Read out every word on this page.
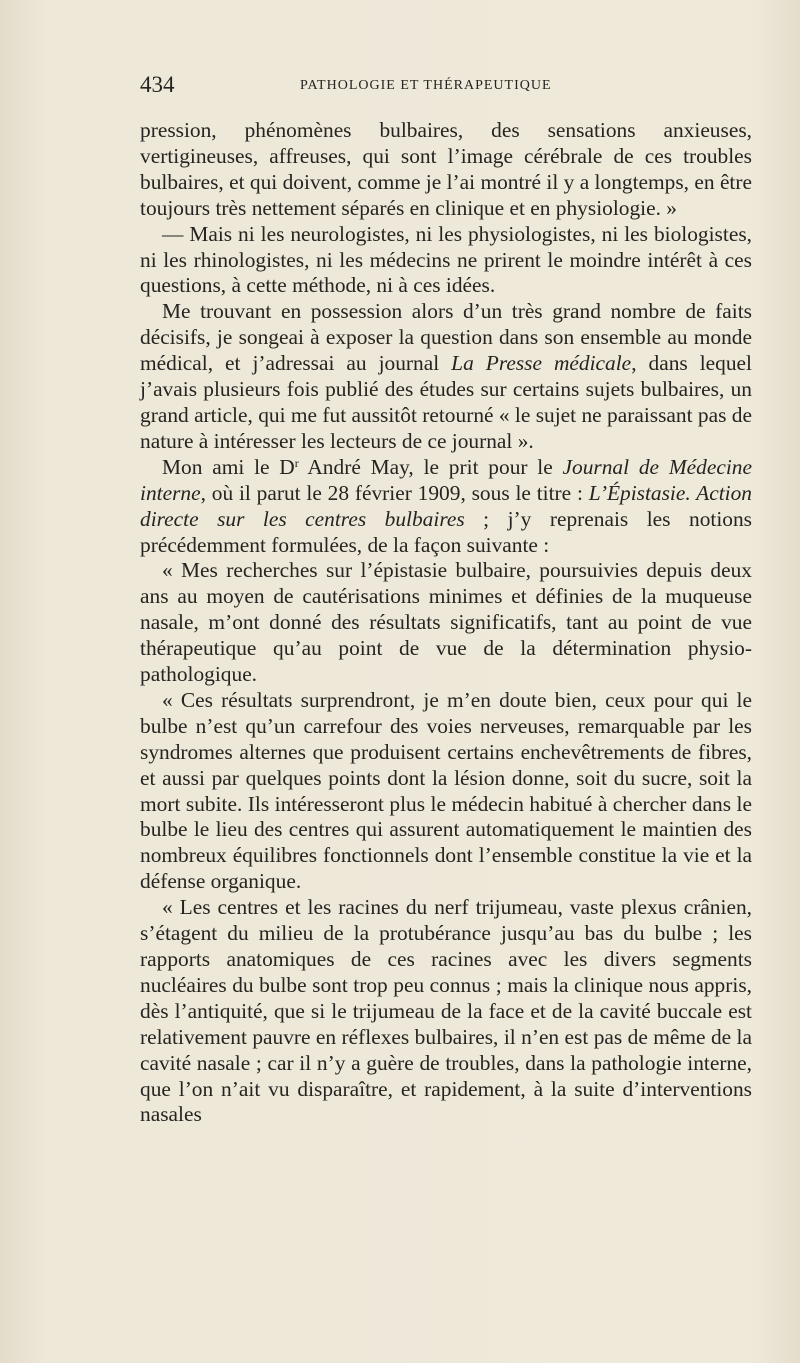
434	PATHOLOGIE ET THÉRAPEUTIQUE

pression, phénomènes bulbaires, des sensations anxieuses, vertigineuses, affreuses, qui sont l’image cérébrale de ces troubles bulbaires, et qui doivent, comme je l’ai montré il y a longtemps, en être toujours très nettement séparés en clinique et en physiologie. »

— Mais ni les neurologistes, ni les physiologistes, ni les biologistes, ni les rhinologistes, ni les médecins ne prirent le moindre intérêt à ces questions, à cette méthode, ni à ces idées.

Me trouvant en possession alors d’un très grand nombre de faits décisifs, je songeai à exposer la question dans son ensemble au monde médical, et j’adressai au journal La Presse médicale, dans lequel j’avais plusieurs fois publié des études sur certains sujets bulbaires, un grand article, qui me fut aussitôt retourné « le sujet ne paraissant pas de nature à intéresser les lecteurs de ce journal ».

Mon ami le $D^r$ André May, le prit pour le Journal de Médecine interne, où il parut le 28 février 1909, sous le titre : L’Épistasie. Action directe sur les centres bulbaires ; j’y reprenais les notions précédemment formulées, de la façon suivante :

« Mes recherches sur l’épistasie bulbaire, poursuivies depuis deux ans au moyen de cautérisations minimes et définies de la muqueuse nasale, m’ont donné des résultats significatifs, tant au point de vue thérapeutique qu’au point de vue de la détermination physio-pathologique.

« Ces résultats surprendront, je m’en doute bien, ceux pour qui le bulbe n’est qu’un carrefour des voies nerveuses, remarquable par les syndromes alternes que produisent certains enchevêtrements de fibres, et aussi par quelques points dont la lésion donne, soit du sucre, soit la mort subite. Ils intéresseront plus le médecin habitué à chercher dans le bulbe le lieu des centres qui assurent automatiquement le maintien des nombreux équilibres fonctionnels dont l’ensemble constitue la vie et la défense organique.

« Les centres et les racines du nerf trijumeau, vaste plexus crânien, s’étagent du milieu de la protubérance jusqu’au bas du bulbe ; les rapports anatomiques de ces racines avec les divers segments nucléaires du bulbe sont trop peu connus ; mais la clinique nous appris, dès l’antiquité, que si le trijumeau de la face et de la cavité buccale est relativement pauvre en réflexes bulbaires, il n’en est pas de même de la cavité nasale ; car il n’y a guère de troubles, dans la pathologie interne, que l’on n’ait vu disparaître, et rapidement, à la suite d’interventions nasales
